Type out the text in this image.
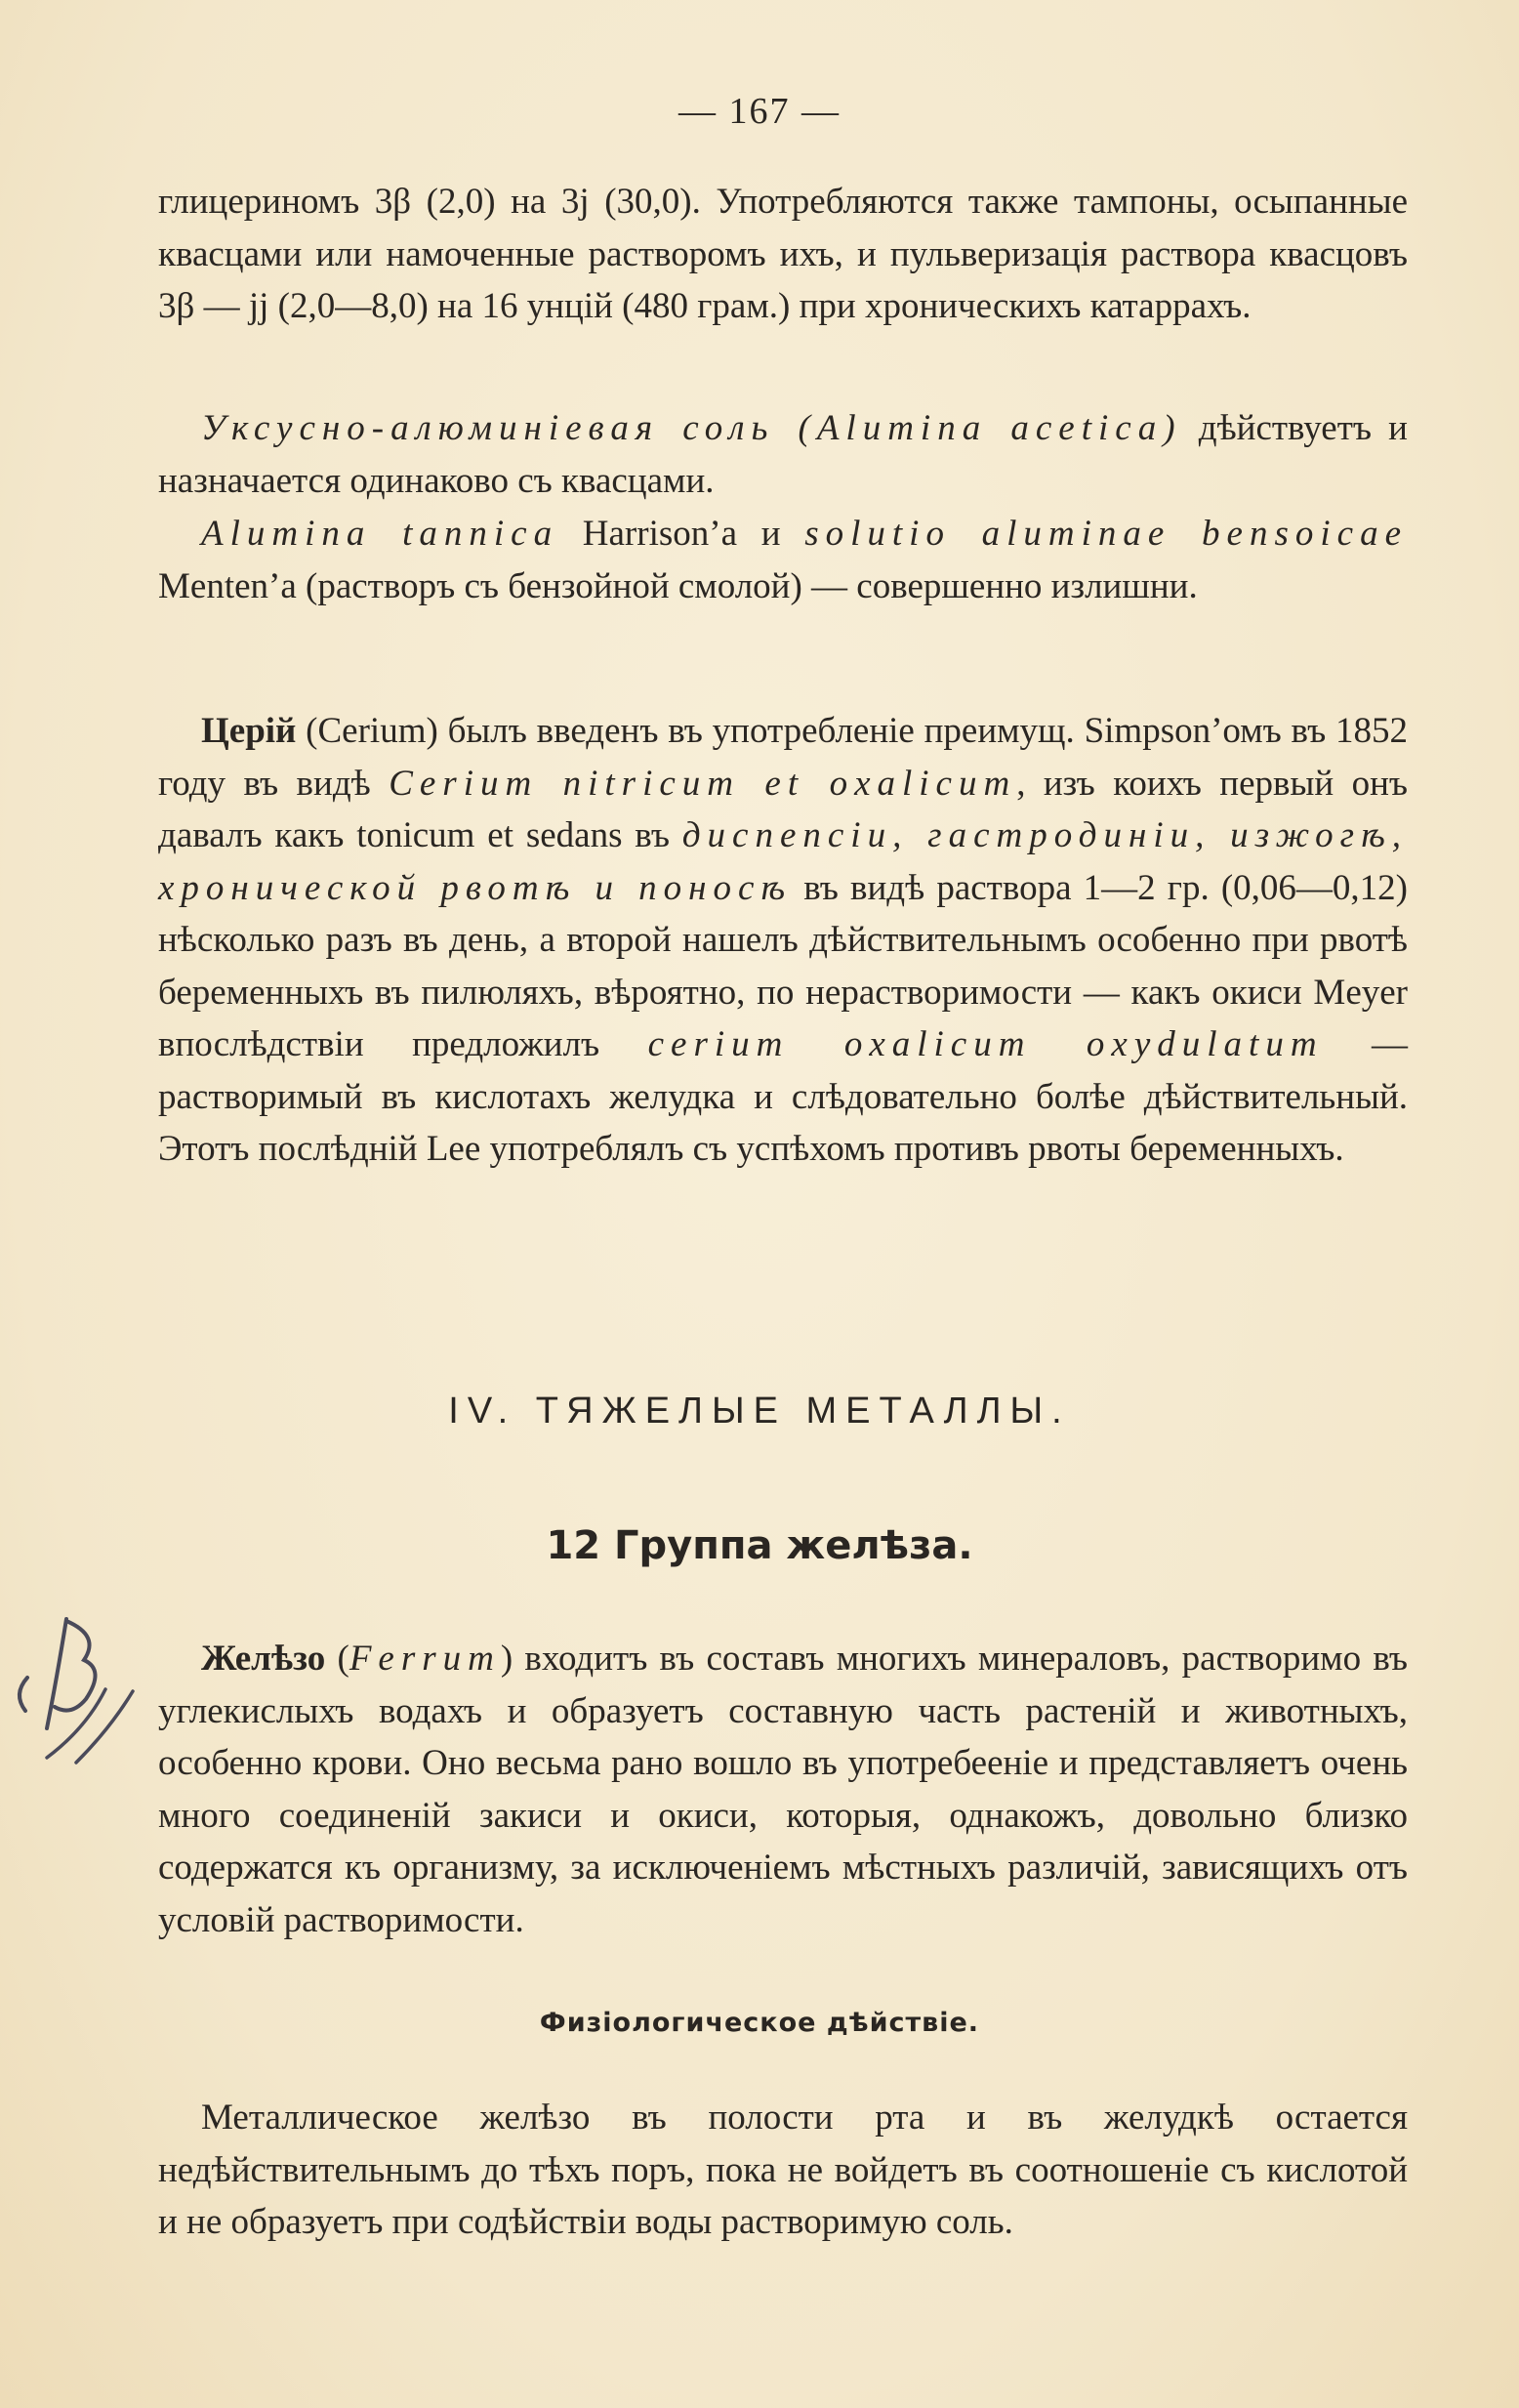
— 167 —

глицериномъ 3β (2,0) на 3j (30,0). Употребляются также тампоны, осыпанные квасцами или намоченные растворомъ ихъ, и пульверизація раствора квасцовъ 3β — jj (2,0—8,0) на 16 унцій (480 грам.) при хроническихъ катаррахъ.

Уксусно-алюминіевая соль (Alumina acetica) дѣйствуетъ и назначается одинаково съ квасцами.

Alumina tannica Harrison’a и solutio aluminae bensoicae Menten’a (растворъ съ бензойной смолой) — совершенно излишни.

Церій (Cerium) былъ введенъ въ употребленіе преимущ. Simpson’омъ въ 1852 году въ видѣ Cerium nitricum et oxalicum, изъ коихъ первый онъ давалъ какъ tonicum et sedans въ диспепсіи, гастродиніи, изжогѣ, хронической рвотѣ и поносѣ въ видѣ раствора 1—2 гр. (0,06—0,12) нѣсколько разъ въ день, а второй нашелъ дѣйствительнымъ особенно при рвотѣ беременныхъ въ пилюляхъ, вѣроятно, по нерастворимости — какъ окиси Meyer впослѣдствіи предложилъ cerium oxalicum oxydulatum — растворимый въ кислотахъ желудка и слѣдовательно болѣе дѣйствительный. Этотъ послѣдній Lee употреблялъ съ успѣхомъ противъ рвоты беременныхъ.

IV. ТЯЖЕЛЫЕ МЕТАЛЛЫ.
12 Группа желѣза.

Желѣзо (Ferrum) входитъ въ составъ многихъ минераловъ, растворимо въ углекислыхъ водахъ и образуетъ составную часть растеній и животныхъ, особенно крови. Оно весьма рано вошло въ употребееніе и представляетъ очень много соединеній закиси и окиси, которыя, однакожъ, довольно близко содержатся къ организму, за исключеніемъ мѣстныхъ различій, зависящихъ отъ условій растворимости.

Физіологическое дѣйствіе.

Металлическое желѣзо въ полости рта и въ желудкѣ остается недѣйствительнымъ до тѣхъ поръ, пока не войдетъ въ соотношеніе съ кислотой и не образуетъ при содѣйствіи воды растворимую соль.
